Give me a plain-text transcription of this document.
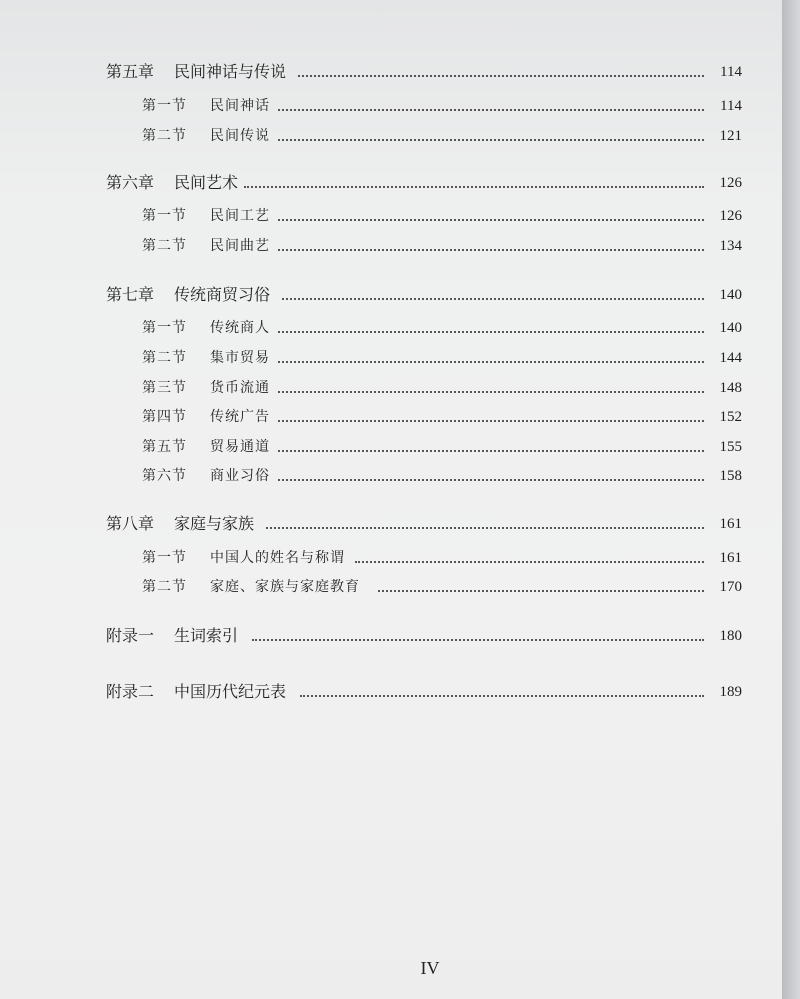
第五章 民间神话与传说	114
第一节 民间神话	114
第二节 民间传说	121
第六章 民间艺术	126
第一节 民间工艺	126
第二节 民间曲艺	134
第七章 传统商贸习俗	140
第一节 传统商人	140
第二节 集市贸易	144
第三节 货币流通	148
第四节 传统广告	152
第五节 贸易通道	155
第六节 商业习俗	158
第八章 家庭与家族	161
第一节 中国人的姓名与称谓	161
第二节 家庭、家族与家庭教育	170
附录一 生词索引	180
附录二 中国历代纪元表	189
IV
